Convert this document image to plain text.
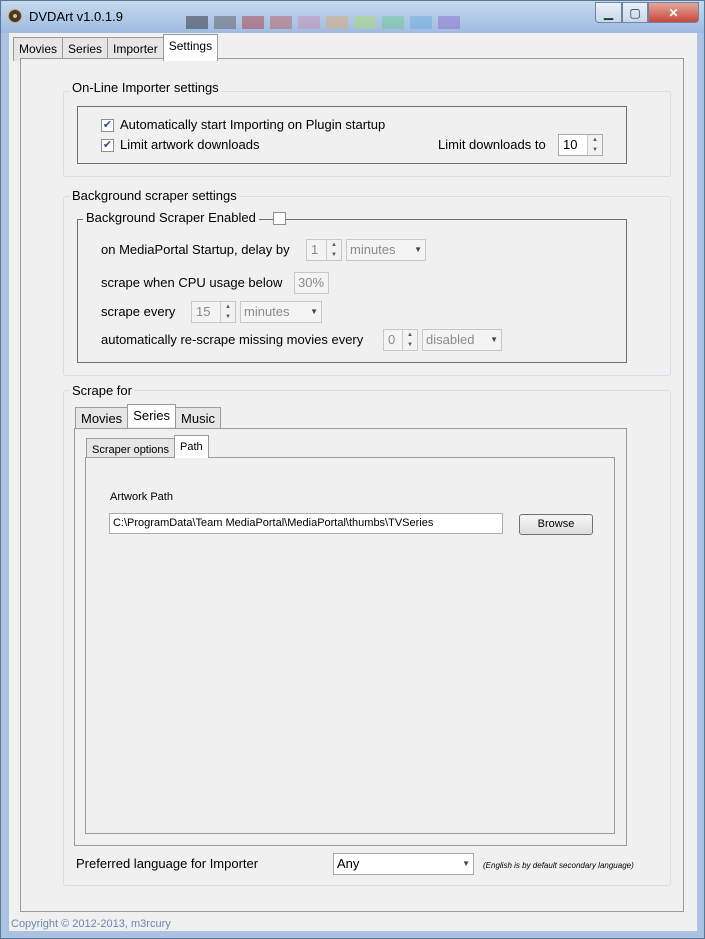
DVDArt v1.0.1.9	▁ ▢ ✕
Movies Series Importer Settings
On-Line Importer settings
✔ Automatically start Importing on Plugin startup
✔ Limit artwork downloads	Limit downloads to	10	▲
▼
Background scraper settings
Background Scraper Enabled
on MediaPortal Startup, delay by	1	▲
▼	minutes ▼
scrape when CPU usage below	30%
scrape every	15	▲
▼	minutes	▼
automatically re-scrape missing movies every	0	▲
▼	disabled ▼
Scrape for
Movies Series Music
Scraper options	Path
Artwork Path
C:\ProgramData\Team MediaPortal\MediaPortal\thumbs\TVSeries	Browse
Preferred language for Importer	Any	▼ (English is by default secondary language)
Copyright © 2012-2013, m3rcury
